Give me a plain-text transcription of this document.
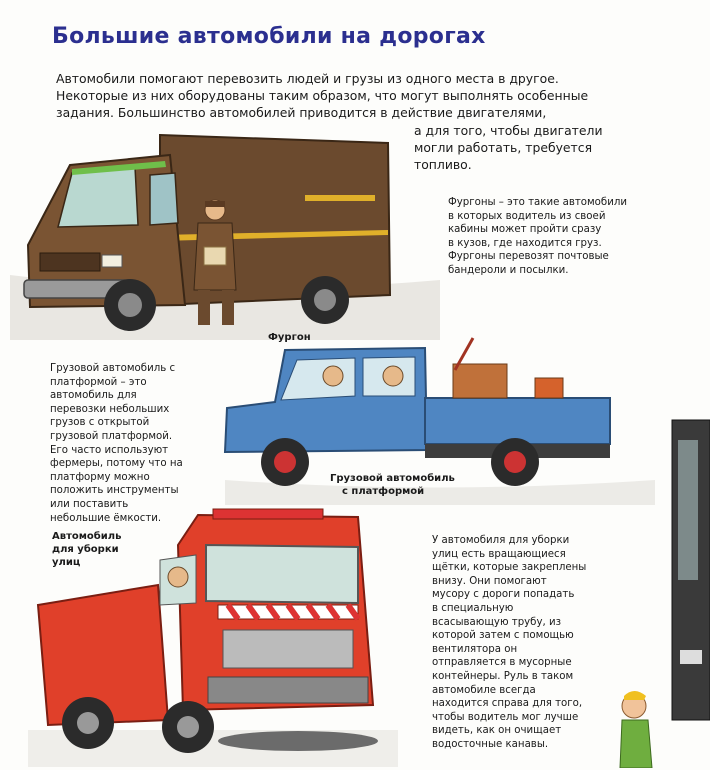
Большие автомобили на дорогах
Автомобили помогают перевозить людей и грузы из одного места в другое.
Некоторые из них оборудованы таким образом, что могут выполнять особенные
задания. Большинство автомобилей приводится в действие двигателями,
а для того, чтобы двигатели
могли работать, требуется
топливо.
Фургон
Фургоны – это такие автомобили
в которых водитель из своей
кабины может пройти сразу
в кузов, где находится груз.
Фургоны перевозят почтовые
бандероли и посылки.
Грузовой автомобиль
с платформой
Грузовой автомобиль с
платформой – это
автомобиль для
перевозки небольших
грузов с открытой
грузовой платформой.
Его часто используют
фермеры, потому что на
платформу можно
положить инструменты
или поставить
небольшие ёмкости.
Автомобиль
для уборки
улиц
У автомобиля для уборки
улиц есть вращающиеся
щётки, которые закреплены
внизу. Они помогают
мусору с дороги попадать
в специальную
всасывающую трубу, из
которой затем с помощью
вентилятора он
отправляется в мусорные
контейнеры. Руль в таком
автомобиле всегда
находится справа для того,
чтобы водитель мог лучше
видеть, как он очищает
водосточные канавы.
